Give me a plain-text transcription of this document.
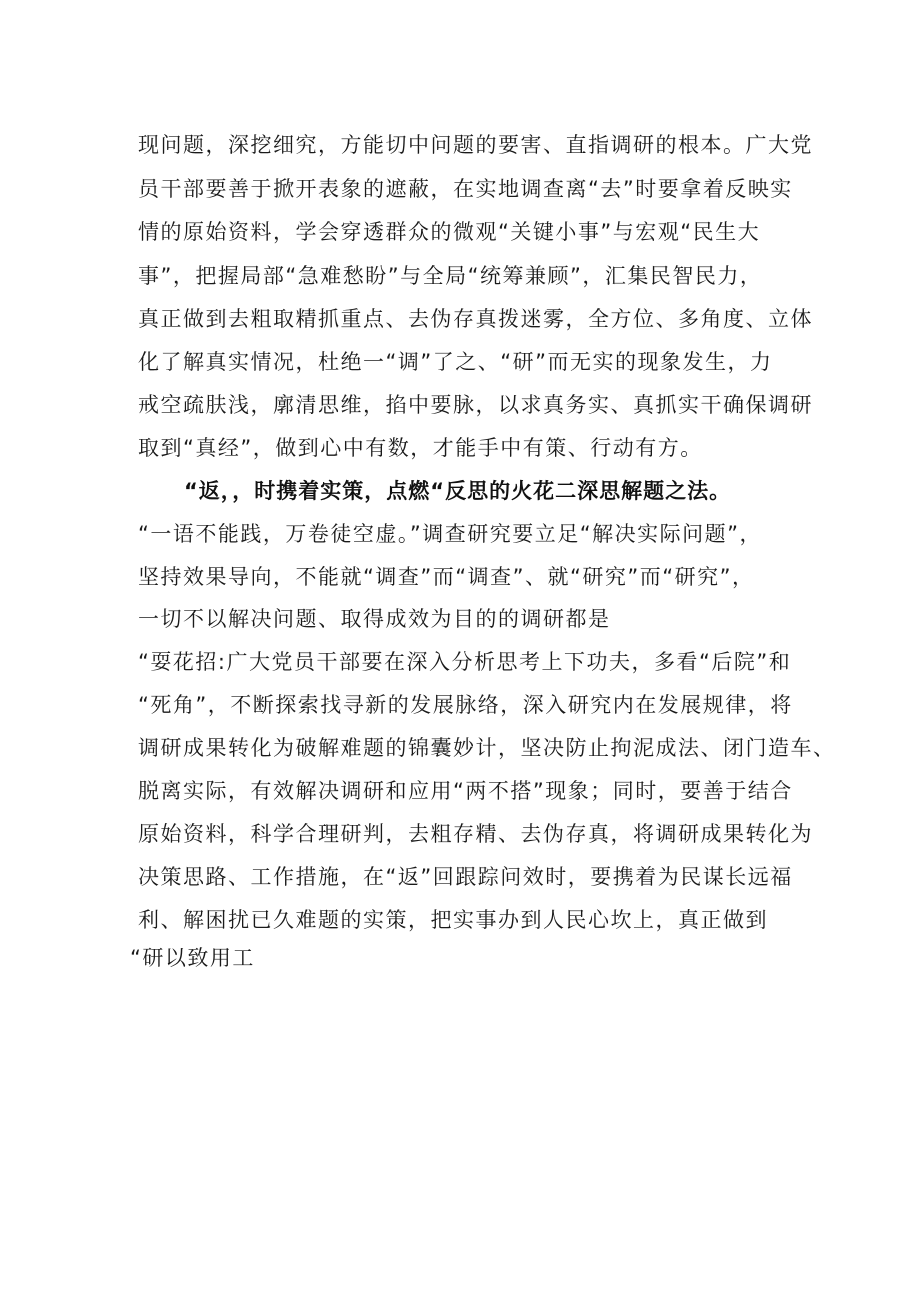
现问题，深挖细究，方能切中问题的要害、直指调研的根本。广大党
员干部要善于掀开表象的遮蔽，在实地调查离“去”时要拿着反映实
情的原始资料，学会穿透群众的微观“关键小事”与宏观“民生大
事”，把握局部“急难愁盼”与全局“统筹兼顾”，汇集民智民力，
真正做到去粗取精抓重点、去伪存真拨迷雾，全方位、多角度、立体
化了解真实情况，杜绝一“调”了之、“研”而无实的现象发生，力
戒空疏肤浅，廓清思维，掐中要脉，以求真务实、真抓实干确保调研
取到“真经”，做到心中有数，才能手中有策、行动有方。
“返，，时携着实策，点燃“反思的火花二深思解题之法。
“一语不能践，万卷徒空虚。”调查研究要立足“解决实际问题”，
坚持效果导向，不能就“调查”而“调查”、就“研究”而“研究”，
一切不以解决问题、取得成效为目的的调研都是
“耍花招:广大党员干部要在深入分析思考上下功夫，多看“后院”和
“死角”，不断探索找寻新的发展脉络，深入研究内在发展规律，将
调研成果转化为破解难题的锦囊妙计，坚决防止拘泥成法、闭门造车、
脱离实际，有效解决调研和应用“两不搭”现象；同时，要善于结合
原始资料，科学合理研判，去粗存精、去伪存真，将调研成果转化为
决策思路、工作措施，在“返”回跟踪问效时，要携着为民谋长远福
利、解困扰已久难题的实策，把实事办到人民心坎上，真正做到
“研以致用工
